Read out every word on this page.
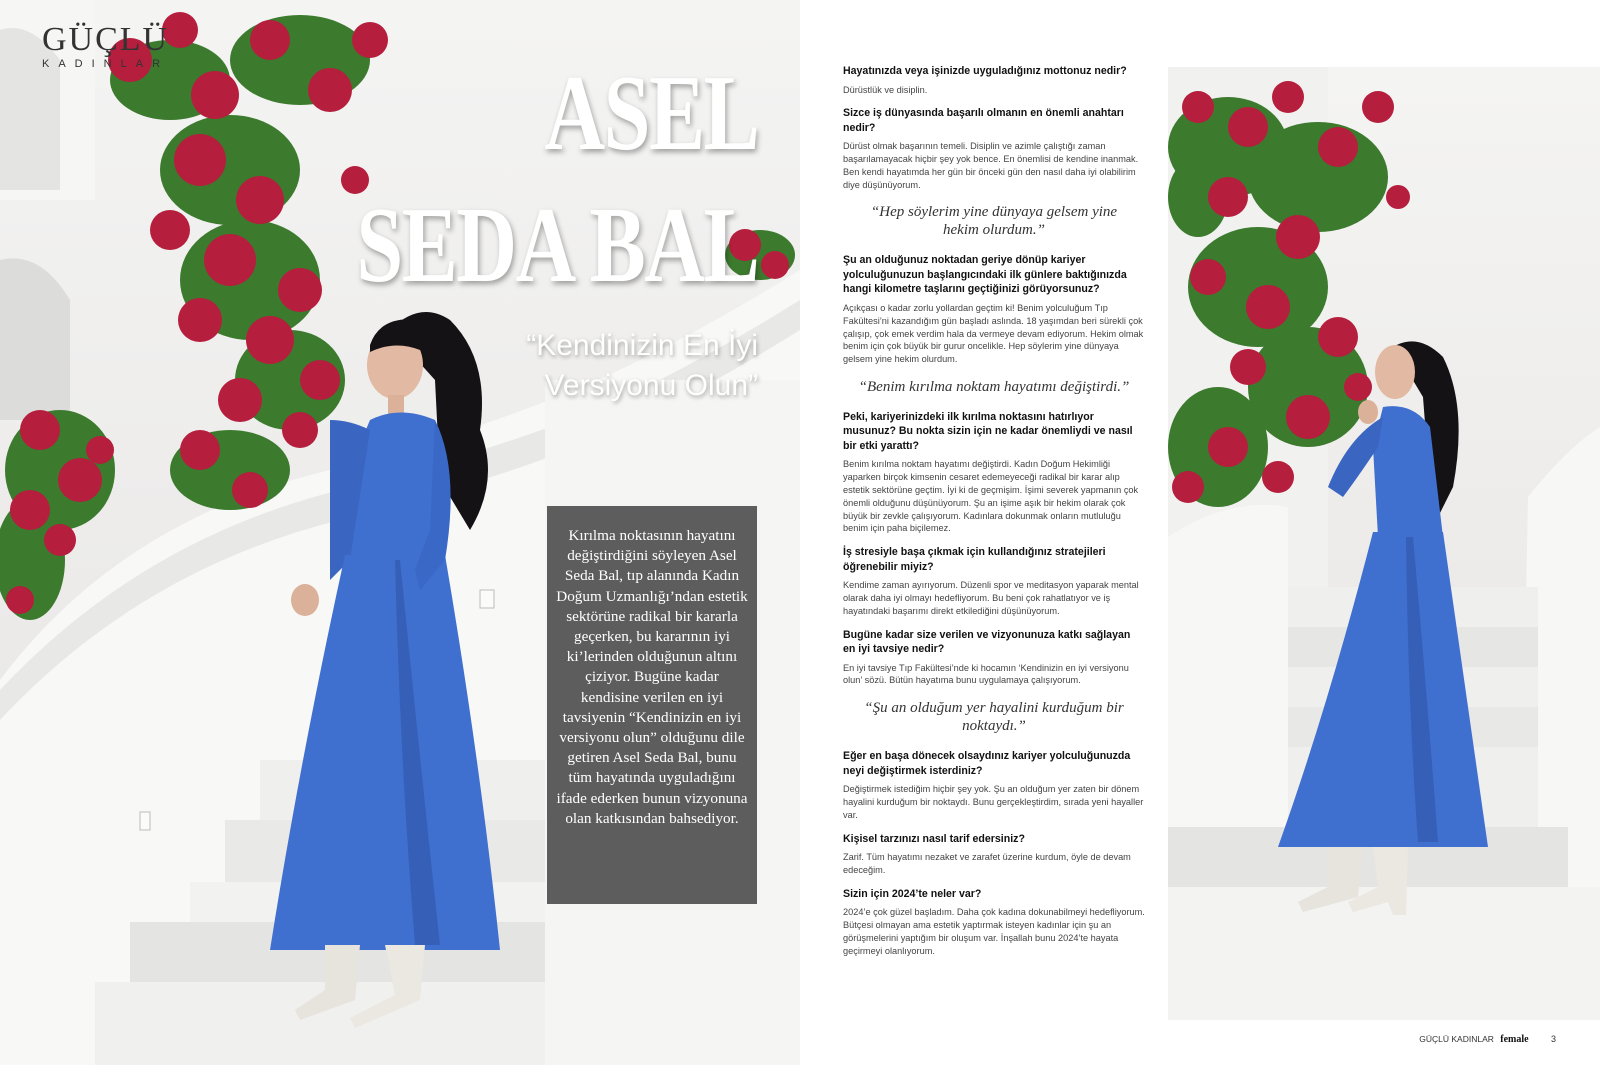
GÜÇLÜ
KADINLAR	ASEL
SEDA BAL
“Kendinizin En İyi Versiyonu Olun”
Kırılma noktasının hayatını değiştirdiğini söyleyen Asel Seda Bal, tıp alanında Kadın Doğum Uzmanlığı’ndan estetik sektörüne radikal bir kararla geçerken, bu kararının iyi ki’lerinden olduğunun altını çiziyor. Bugüne kadar kendisine verilen en iyi tavsiyenin “Kendinizin en iyi versiyonu olun” olduğunu dile getiren Asel Seda Bal, bunu tüm hayatında uyguladığını ifade ederken bunun vizyonuna olan katkısından bahsediyor.

Hayatınızda veya işinizde uyguladığınız mottonuz nedir?

Dürüstlük ve disiplin.

Sizce iş dünyasında başarılı olmanın en önemli anahtarı nedir?

Dürüst olmak başarının temeli. Disiplin ve azimle çalıştığı zaman başarılamayacak hiçbir şey yok bence. En önemlisi de kendine inanmak. Ben kendi hayatımda her gün bir önceki gün den nasıl daha iyi olabilirim diye düşünüyorum.

“Hep söylerim yine dünyaya gelsem yine hekim olurdum.”

Şu an olduğunuz noktadan geriye dönüp kariyer yolculuğunuzun başlangıcındaki ilk günlere baktığınızda hangi kilometre taşlarını geçtiğinizi görüyorsunuz?

Açıkçası o kadar zorlu yollardan geçtim ki! Benim yolculuğum Tıp Fakültesi’ni kazandığım gün başladı aslında. 18 yaşımdan beri sürekli çok çalışıp, çok emek verdim hala da vermeye devam ediyorum. Hekim olmak benim için çok büyük bir gurur onceliklе. Hep söylerim yine dünyaya gelsem yine hekim olurdum.

“Benim kırılma noktam hayatımı değiştirdi.”

Peki, kariyerinizdeki ilk kırılma noktasını hatırlıyor musunuz? Bu nokta sizin için ne kadar önemliydi ve nasıl bir etki yarattı?

Benim kırılma noktam hayatımı değiştirdi. Kadın Doğum Hekimliği yaparken birçok kimsenin cesaret edemeyeceği radikal bir karar alıp estetik sektörüne geçtim. İyi ki de geçmişim. İşimi severek yapmanın çok önemli olduğunu düşünüyorum. Şu an işime aşık bir hekim olarak çok büyük bir zevkle çalışıyorum. Kadınlara dokunmak onların mutluluğu benim için paha biçilemez.

İş stresiyle başa çıkmak için kullandığınız stratejileri öğrenebilir miyiz?

Kendime zaman ayırıyorum. Düzenli spor ve meditasyon yaparak mental olarak daha iyi olmayı hedefliyorum. Bu beni çok rahatlatıyor ve iş hayatındaki başarımı direkt etkilediğini düşünüyorum.

Bugüne kadar size verilen ve vizyonunuza katkı sağlayan en iyi tavsiye nedir?

En iyi tavsiye Tıp Fakültesi’nde ki hocamın ‘Kendinizin en iyi versiyonu olun’ sözü. Bütün hayatıma bunu uygulamaya çalışıyorum.

“Şu an olduğum yer hayalini kurduğum bir noktaydı.”

Eğer en başa dönecek olsaydınız kariyer yolculuğunuzda neyi değiştirmek isterdiniz?

Değiştirmek istediğim hiçbir şey yok. Şu an olduğum yer zaten bir dönem hayalini kurduğum bir noktaydı. Bunu gerçekleştirdim, sırada yeni hayaller var.

Kişisel tarzınızı nasıl tarif edersiniz?

Zarif. Tüm hayatımı nezaket ve zarafet üzerine kurdum, öyle de devam edeceğim.

Sizin için 2024’te neler var?

2024’e çok güzel başladım. Daha çok kadına dokunabilmeyi hedefliyorum. Bütçesi olmayan ama estetik yaptırmak isteyen kadınlar için şu an görüşmelerini yaptığım bir oluşum var. İnşallah bunu 2024’te hayata geçirmeyi olanlıyorum.

GÜÇLÜ KADINLAR female 3
